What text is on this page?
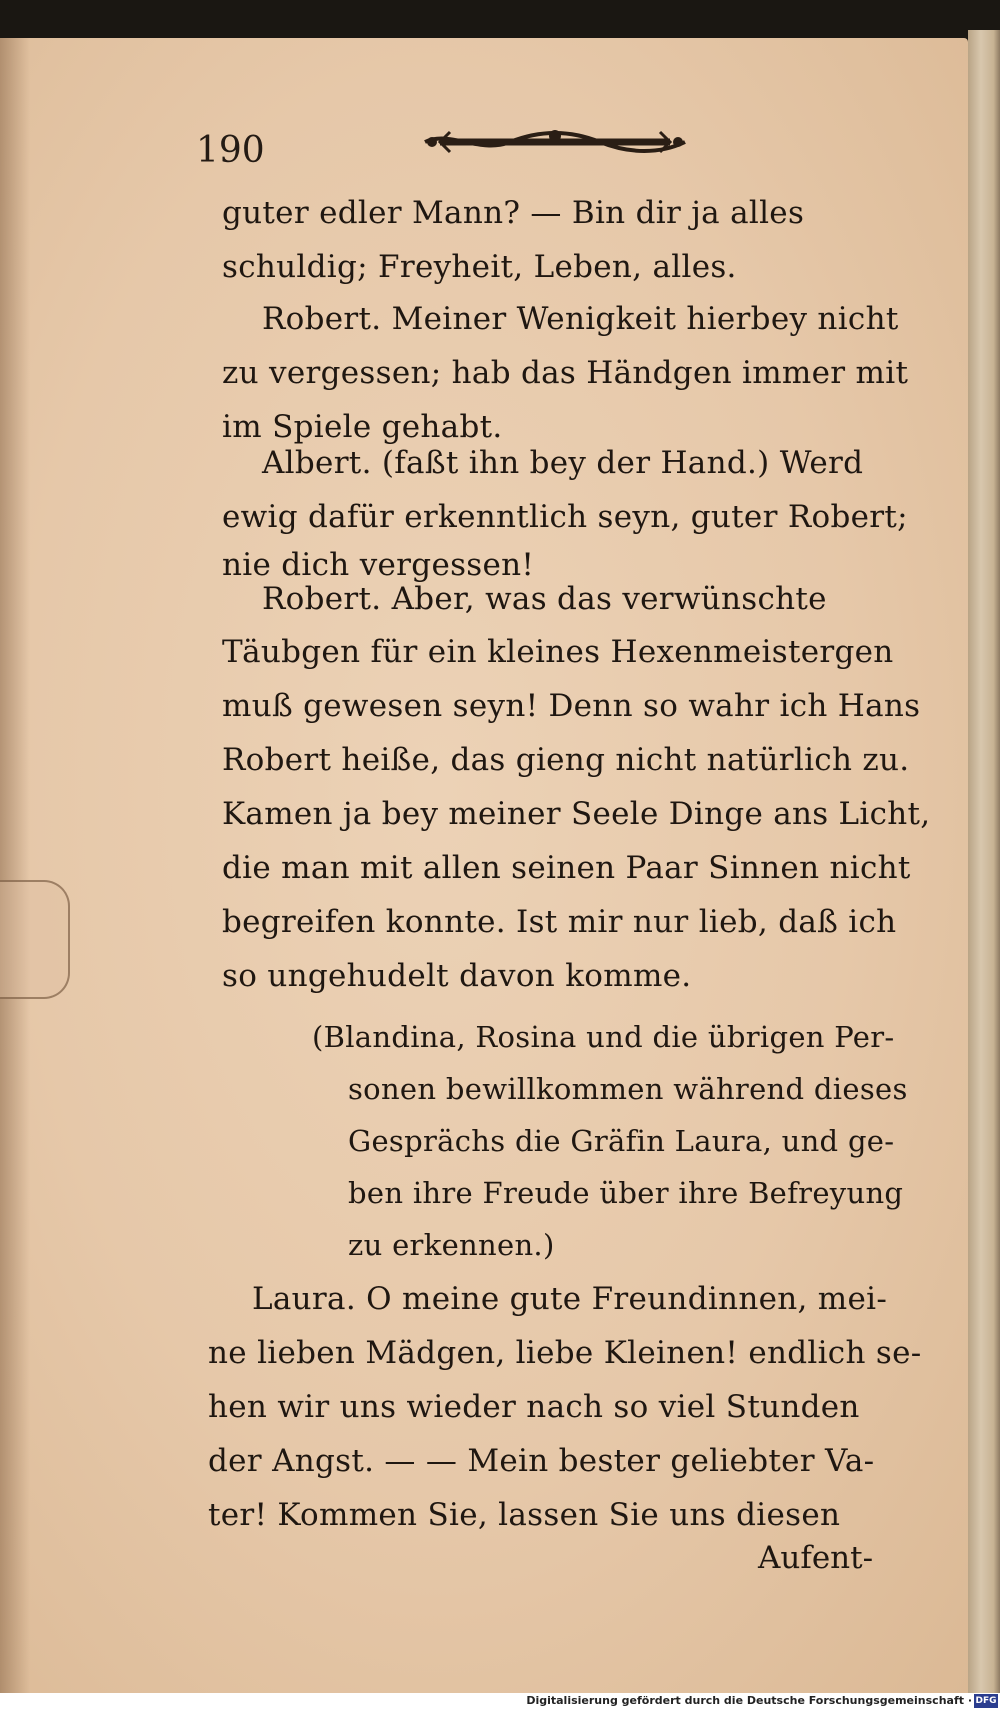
190
guter edler Mann? — Bin dir ja alles
schuldig; Freyheit, Leben, alles.
Robert. Meiner Wenigkeit hierbey nicht
zu vergessen; hab das Händgen immer mit
im Spiele gehabt.
Albert. (faßt ihn bey der Hand.) Werd
ewig dafür erkenntlich seyn, guter Robert;
nie dich vergessen!
Robert. Aber, was das verwünschte
Täubgen für ein kleines Hexenmeistergen
muß gewesen seyn! Denn so wahr ich Hans
Robert heiße, das gieng nicht natürlich zu.
Kamen ja bey meiner Seele Dinge ans Licht,
die man mit allen seinen Paar Sinnen nicht
begreifen konnte. Ist mir nur lieb, daß ich
so ungehudelt davon komme.
(Blandina, Rosina und die übrigen Per-
sonen bewillkommen während dieses
Gesprächs die Gräfin Laura, und ge-
ben ihre Freude über ihre Befreyung
zu erkennen.)
Laura. O meine gute Freundinnen, mei-
ne lieben Mädgen, liebe Kleinen! endlich se-
hen wir uns wieder nach so viel Stunden
der Angst. — — Mein bester geliebter Va-
ter! Kommen Sie, lassen Sie uns diesen
Aufent-
Digitalisierung gefördert durch die Deutsche Forschungsgemeinschaft · DFG
